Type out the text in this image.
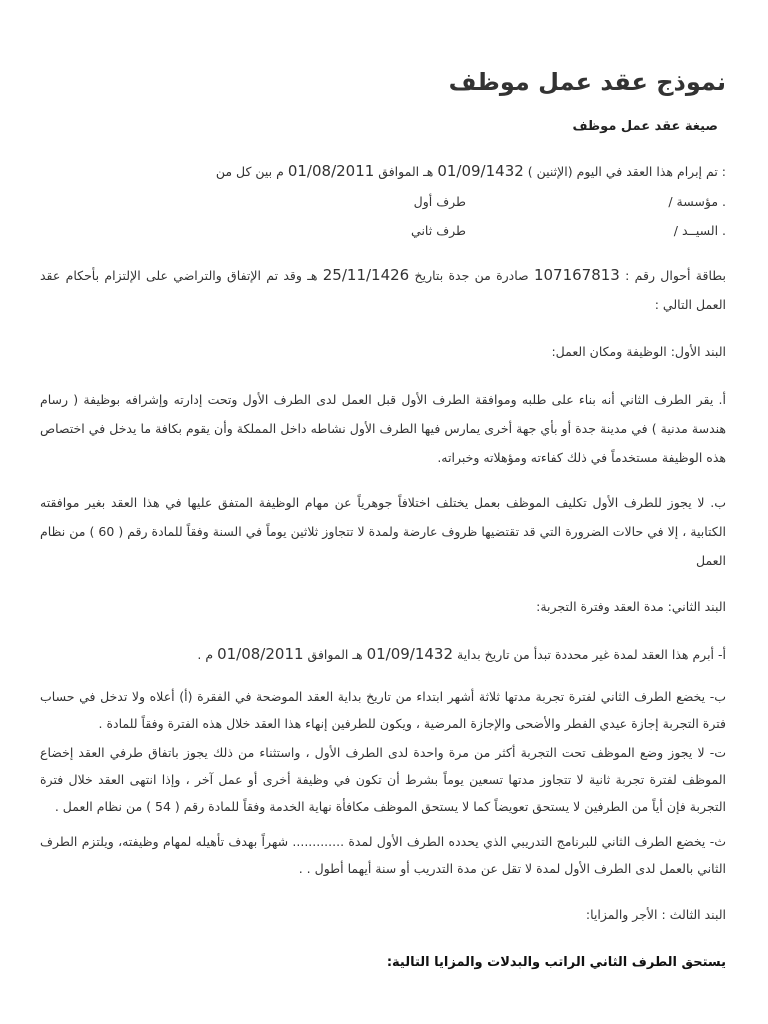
نموذج عقد عمل موظف
صيغة عقد عمل موظف
: تم إبرام هذا العقد في اليوم (الإثنين ) 01/09/1432 هـ الموافق 01/08/2011 م بين كل من
. مؤسسة /
طرف أول
. السيــد /
طرف ثاني
بطاقة أحوال رقم : 107167813 صادرة من جدة بتاريخ 25/11/1426 هـ وقد تم الإتفاق والتراضي على الإلتزام بأحكام عقد العمل التالي :
البند الأول: الوظيفة ومكان العمل:
أ. يقر الطرف الثاني أنه بناء على طلبه وموافقة الطرف الأول قبل العمل لدى الطرف الأول وتحت إدارته وإشرافه بوظيفة ( رسام هندسة مدنية ) في مدينة جدة أو بأي جهة أخرى يمارس فيها الطرف الأول نشاطه داخل المملكة وأن يقوم بكافة ما يدخل في اختصاص هذه الوظيفة مستخدماً في ذلك كفاءته ومؤهلاته وخبراته.
ب. لا يجوز للطرف الأول تكليف الموظف بعمل يختلف اختلافاً جوهرياً عن مهام الوظيفة المتفق عليها في هذا العقد بغير موافقته الكتابية ، إلا في حالات الضرورة التي قد تقتضيها ظروف عارضة ولمدة لا تتجاوز ثلاثين يوماً في السنة وفقاً للمادة رقم ( 60 ) من نظام العمل
البند الثاني: مدة العقد وفترة التجربة:
أ- أبرم هذا العقد لمدة غير محددة تبدأ من تاريخ بداية 01/09/1432 هـ الموافق 01/08/2011 م .
ب- يخضع الطرف الثاني لفترة تجربة مدتها ثلاثة أشهر ابتداء من تاريخ بداية العقد الموضحة في الفقرة (أ) أعلاه ولا تدخل في حساب فترة التجربة إجازة عيدي الفطر والأضحى والإجازة المرضية ، ويكون للطرفين إنهاء هذا العقد خلال هذه الفترة وفقاً للمادة .
ت- لا يجوز وضع الموظف تحت التجربة أكثر من مرة واحدة لدى الطرف الأول ، واستثناء من ذلك يجوز باتفاق طرفي العقد إخضاع الموظف لفترة تجربة ثانية لا تتجاوز مدتها تسعين يوماً بشرط أن تكون في وظيفة أخرى أو عمل آخر ، وإذا انتهى العقد خلال فترة التجربة فإن أياً من الطرفين لا يستحق تعويضاً كما لا يستحق الموظف مكافأة نهاية الخدمة وفقاً للمادة رقم ( 54 ) من نظام العمل .
ث- يخضع الطرف الثاني للبرنامج التدريبي الذي يحدده الطرف الأول لمدة ............. شهراً بهدف تأهيله لمهام وظيفته، ويلتزم الطرف الثاني بالعمل لدى الطرف الأول لمدة لا تقل عن مدة التدريب أو سنة أيهما أطول . .
البند الثالث : الأجر والمزايا:
يستحق الطرف الثاني الراتب والبدلات والمزايا التالية:
